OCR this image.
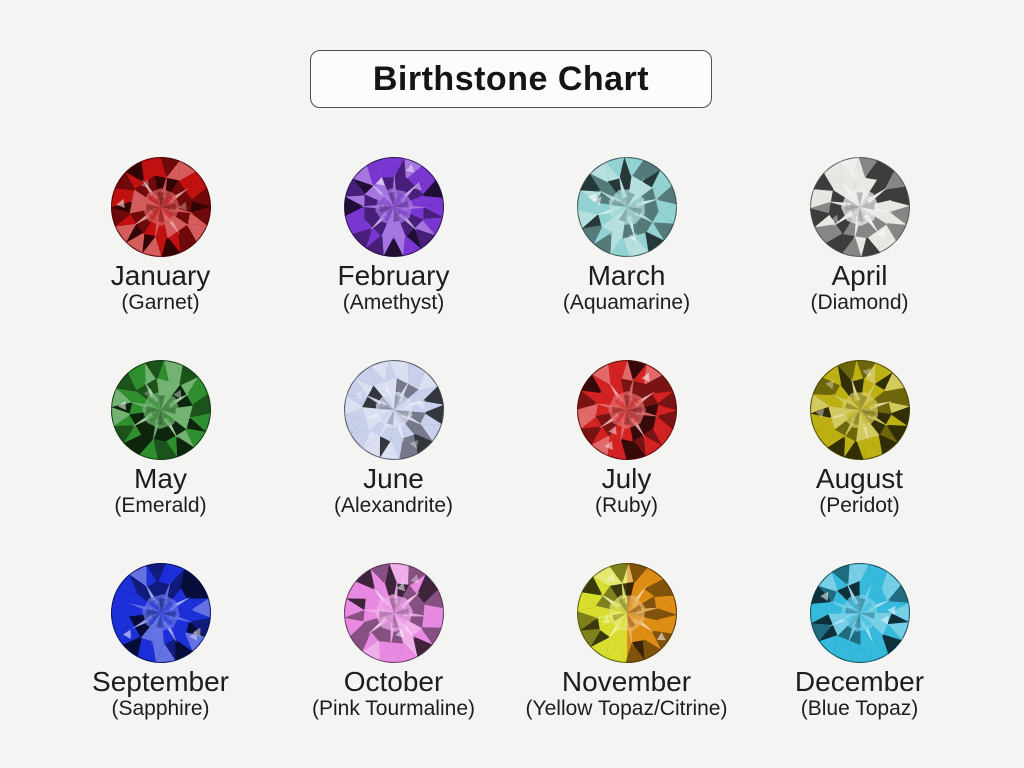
Birthstone Chart
January
(Garnet)
February
(Amethyst)
March
(Aquamarine)
April
(Diamond)
May
(Emerald)
June
(Alexandrite)
July
(Ruby)
August
(Peridot)
September
(Sapphire)
October
(Pink Tourmaline)
November
(Yellow Topaz/Citrine)
December
(Blue Topaz)
